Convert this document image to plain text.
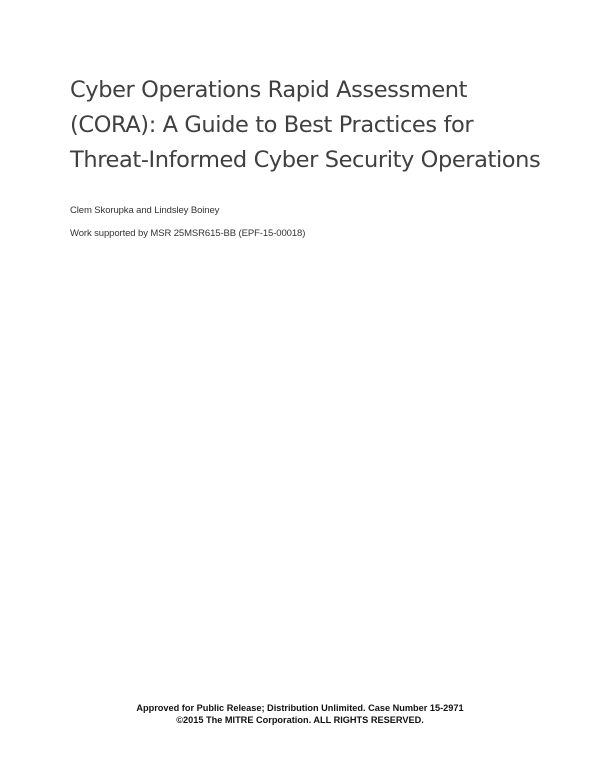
Cyber Operations Rapid Assessment
(CORA): A Guide to Best Practices for
Threat-Informed Cyber Security Operations

Clem Skorupka and Lindsley Boiney

Work supported by MSR 25MSR615-BB (EPF-15-00018)

Approved for Public Release; Distribution Unlimited. Case Number 15-2971
©2015 The MITRE Corporation. ALL RIGHTS RESERVED.
